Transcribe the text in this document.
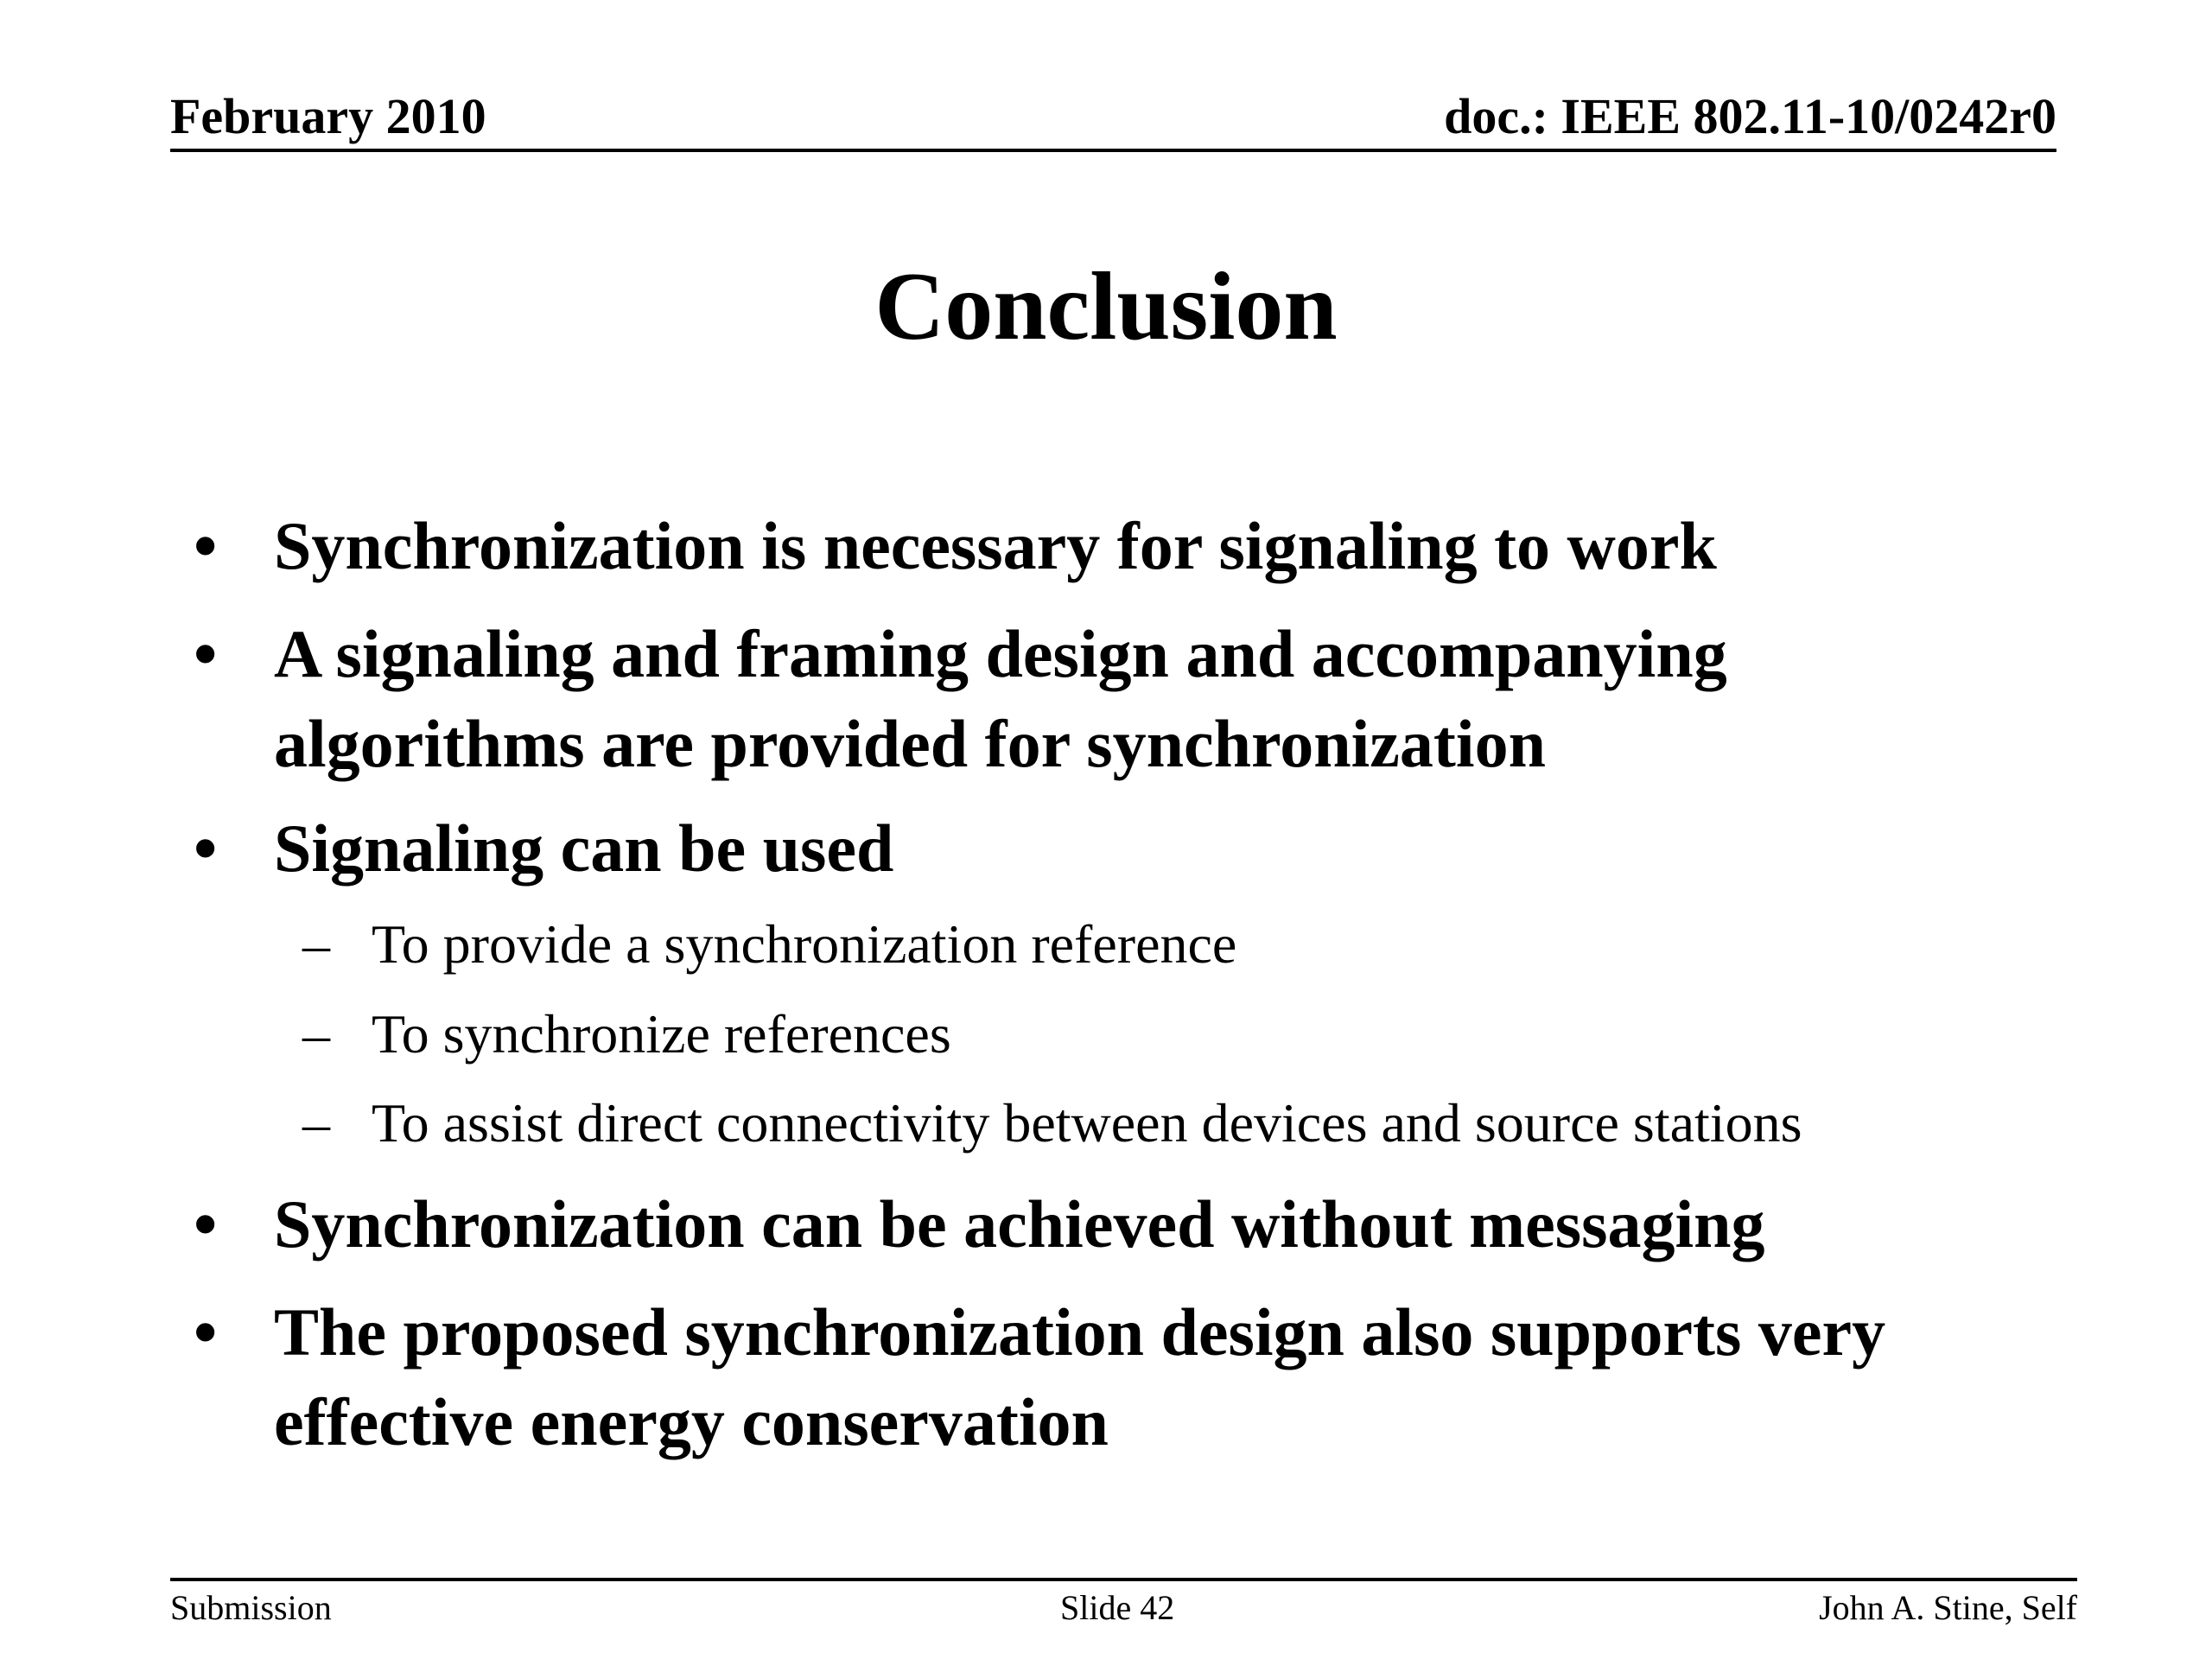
February 2010	doc.: IEEE 802.11-10/0242r0
Conclusion
• Synchronization is necessary for signaling to work
• A signaling and framing design and accompanying algorithms are provided for synchronization
• Signaling can be used
– To provide a synchronization reference
– To synchronize references
– To assist direct connectivity between devices and source stations
• Synchronization can be achieved without messaging
• The proposed synchronization design also supports very effective energy conservation
Submission	Slide 42	John A. Stine, Self
